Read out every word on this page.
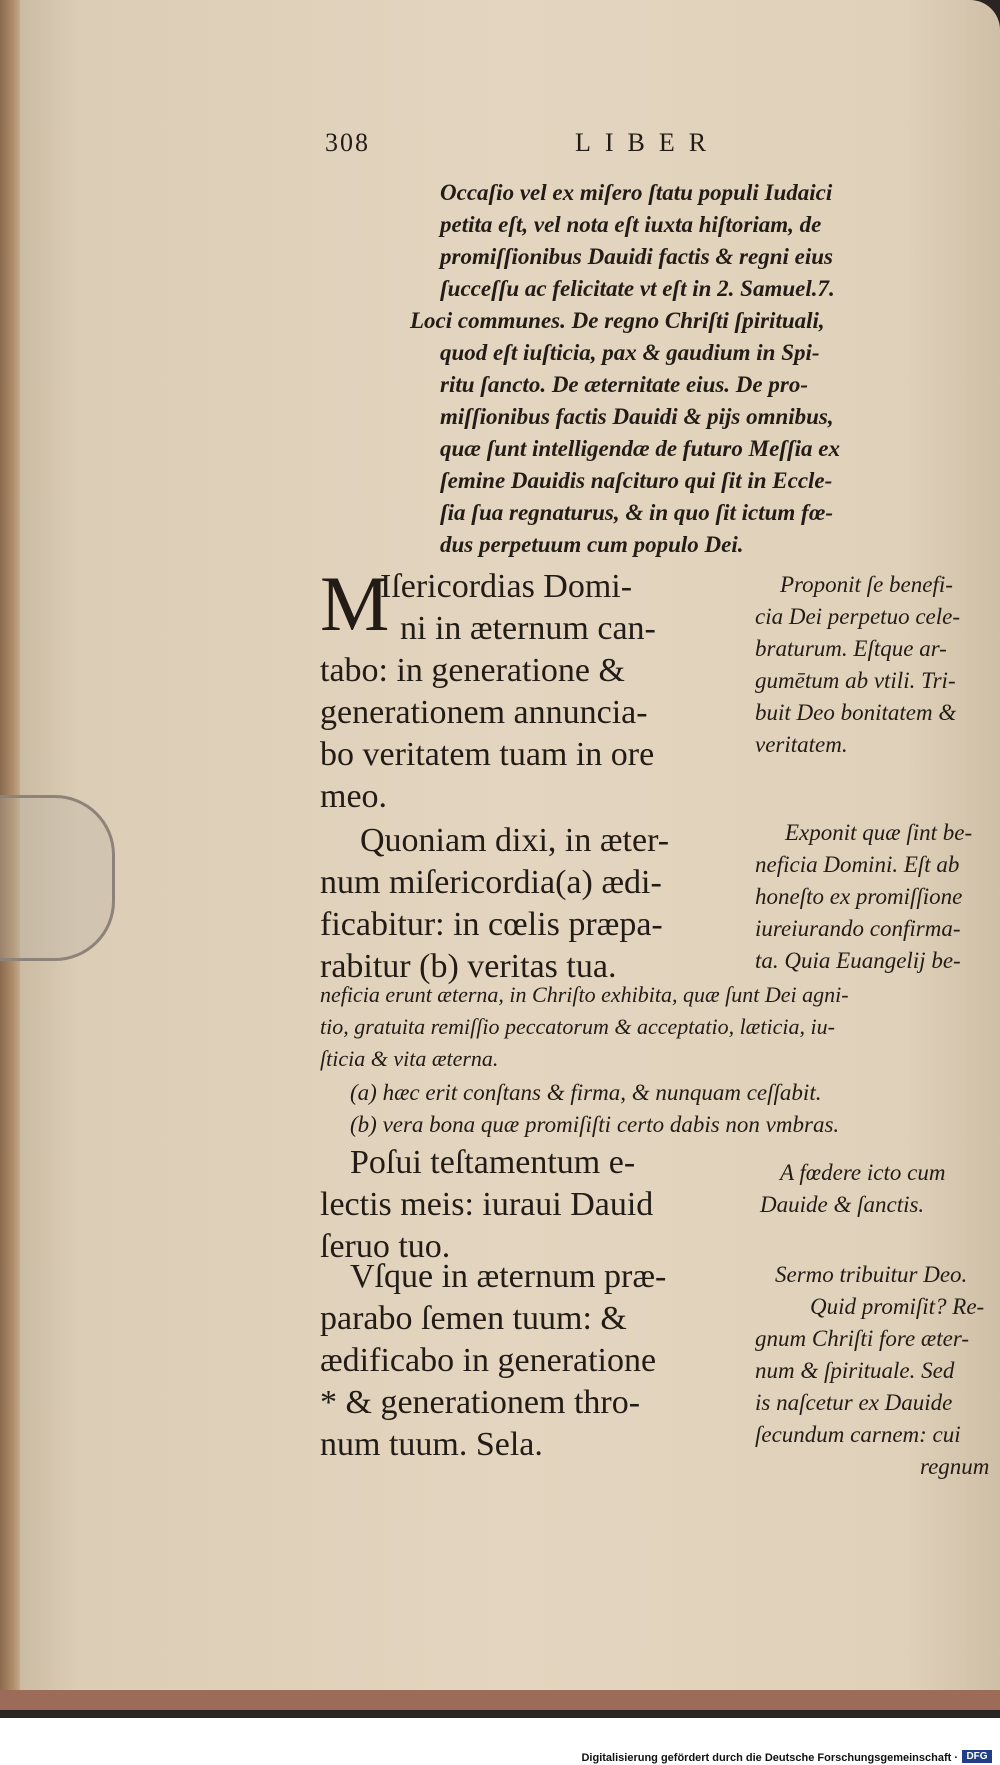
308	LIBER

Occaſio vel ex miſero ſtatu populi Iudaici

petita eſt, vel nota eſt iuxta hiſtoriam, de

promiſſionibus Dauidi factis & regni eius

ſucceſſu ac felicitate vt eſt in 2. Samuel.7.

Loci communes. De regno Chriſti ſpirituali,

quod eſt iuſticia, pax & gaudium in Spi-

ritu ſancto. De æternitate eius. De pro-

miſſionibus factis Dauidi & pijs omnibus,

quæ ſunt intelligendæ de futuro Meſſia ex

ſemine Dauidis naſcituro qui ſit in Eccle-

ſia ſua regnaturus, & in quo ſit ictum fœ-

dus perpetuum cum populo Dei.

M

Iſericordias Domi-

ni in æternum can-

tabo: in generatione &

generationem annuncia-

bo veritatem tuam in ore

meo.

Proponit ſe benefi-

cia Dei perpetuo cele-

braturum. Eſtque ar-

gumētum ab vtili. Tri-

buit Deo bonitatem &

veritatem.

Quoniam dixi, in æter-

num miſericordia(a) ædi-

ficabitur: in cœlis præpa-

rabitur (b) veritas tua.

Exponit quæ ſint be-

neficia Domini. Eſt ab

honeſto ex promiſſione

iureiurando confirma-

ta. Quia Euangelij be-

neficia erunt æterna, in Chriſto exhibita, quæ ſunt Dei agni-

tio, gratuita remiſſio peccatorum & acceptatio, læticia, iu-

ſticia & vita æterna.

(a) hæc erit conſtans & firma, & nunquam ceſſabit.

(b) vera bona quæ promiſiſti certo dabis non vmbras.

Poſui teſtamentum e-

lectis meis: iuraui Dauid

ſeruo tuo.

A fœdere icto cum

Dauide & ſanctis.

Vſque in æternum præ-

parabo ſemen tuum: &

ædificabo in generatione

* & generationem thro-

num tuum. Sela.

Sermo tribuitur Deo.

Quid promiſit? Re-

gnum Chriſti fore æter-

num & ſpirituale. Sed

is naſcetur ex Dauide

ſecundum carnem: cui

regnum

Digitalisierung gefördert durch die Deutsche Forschungsgemeinschaft · DFG
